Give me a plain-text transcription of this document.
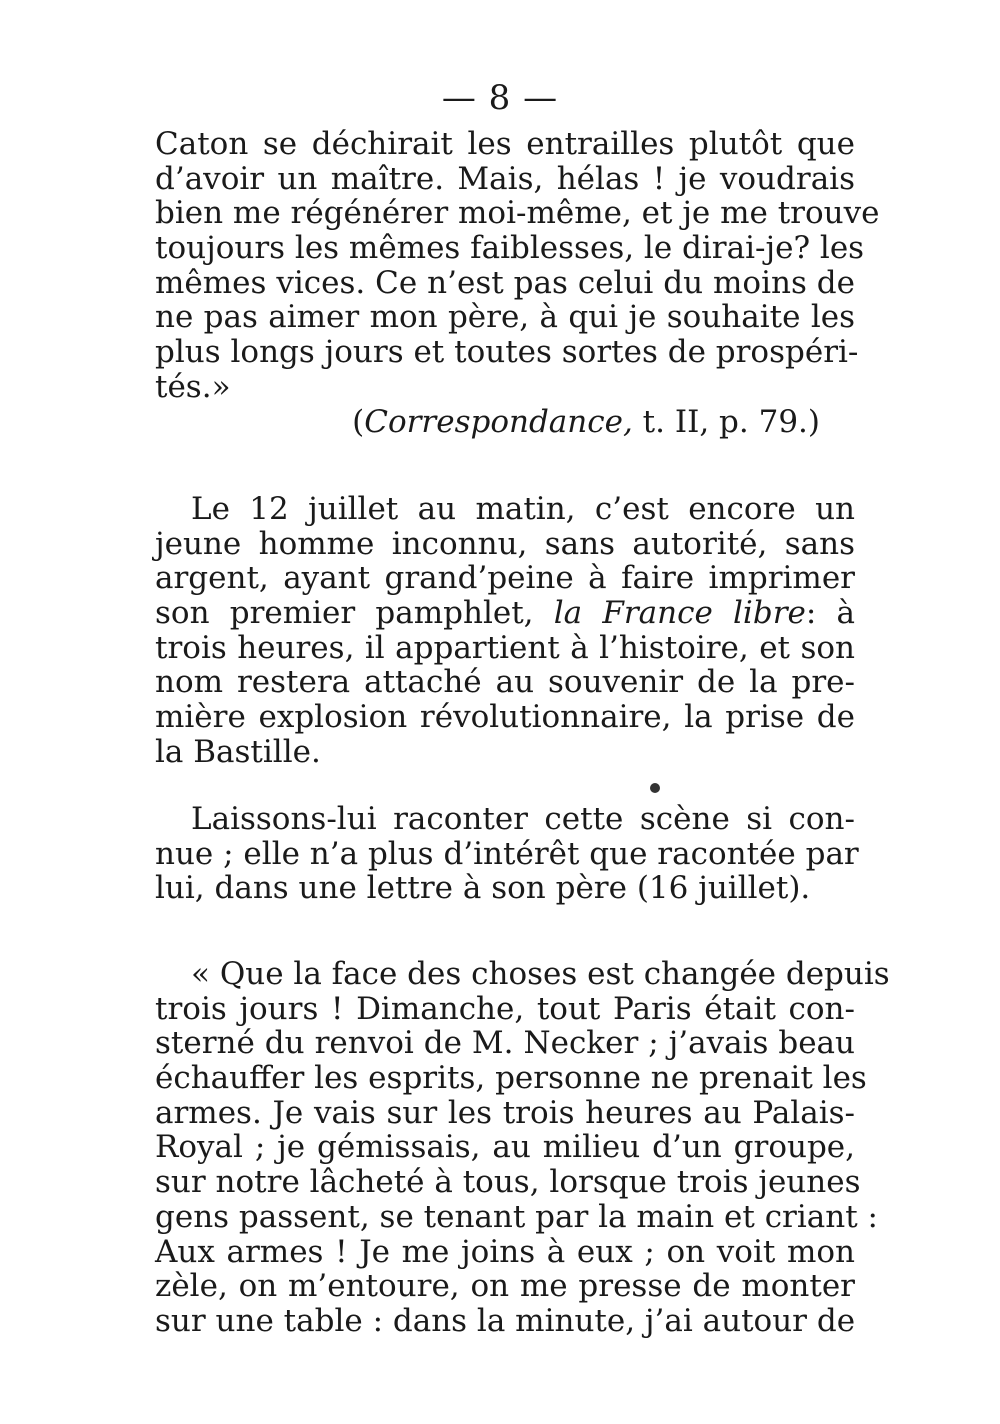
— 8 —
Caton se déchirait les entrailles plutôt que
d’avoir un maître. Mais, hélas ! je voudrais
bien me régénérer moi-même, et je me trouve
toujours les mêmes faiblesses, le dirai-je? les
mêmes vices. Ce n’est pas celui du moins de
ne pas aimer mon père, à qui je souhaite les
plus longs jours et toutes sortes de prospéri-
tés.»
(Correspondance, t. II, p. 79.)
Le 12 juillet au matin, c’est encore un
jeune homme inconnu, sans autorité, sans
argent, ayant grand’peine à faire imprimer
son premier pamphlet, la France libre: à
trois heures, il appartient à l’histoire, et son
nom restera attaché au souvenir de la pre-
mière explosion révolutionnaire, la prise de
la Bastille.
Laissons-lui raconter cette scène si con-
nue ; elle n’a plus d’intérêt que racontée par
lui, dans une lettre à son père (16 juillet).
« Que la face des choses est changée depuis
trois jours ! Dimanche, tout Paris était con-
sterné du renvoi de M. Necker ; j’avais beau
échauffer les esprits, personne ne prenait les
armes. Je vais sur les trois heures au Palais-
Royal ; je gémissais, au milieu d’un groupe,
sur notre lâcheté à tous, lorsque trois jeunes
gens passent, se tenant par la main et criant :
Aux armes ! Je me joins à eux ; on voit mon
zèle, on m’entoure, on me presse de monter
sur une table : dans la minute, j’ai autour de
